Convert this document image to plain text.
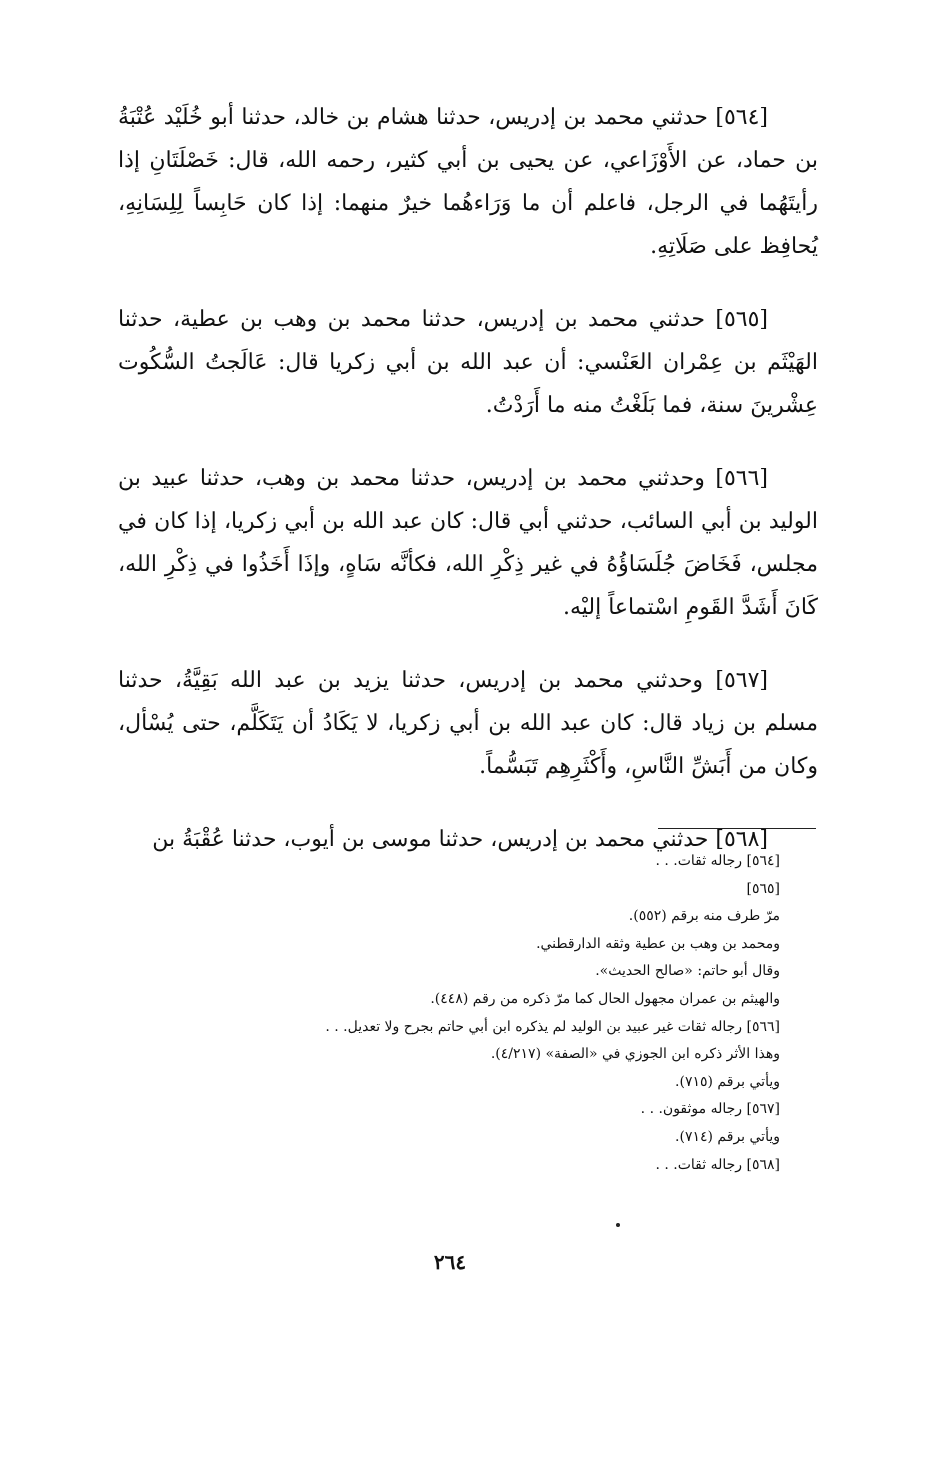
[٥٦٤] حدثني محمد بن إدريس، حدثنا هشام بن خالد، حدثنا أبو خُلَيْد عُتْبَةُ بن حماد، عن الأَوْزَاعي، عن يحيى بن أبي كثير، رحمه الله، قال: خَصْلَتَانِ إذا رأيتَهُما في الرجل، فاعلم أن ما وَرَاءهُما خيرٌ منهما: إذا كان حَابِساً لِلِسَانِهِ، يُحافِظ على صَلَاتِهِ.

[٥٦٥] حدثني محمد بن إدريس، حدثنا محمد بن وهب بن عطية، حدثنا الهَيْثَم بن عِمْران العَنْسي: أن عبد الله بن أبي زكريا قال: عَالَجتُ السُّكُوت عِشْرينَ سنة، فما بَلَغْتُ منه ما أَرَدْتُ.

[٥٦٦] وحدثني محمد بن إدريس، حدثنا محمد بن وهب، حدثنا عبيد بن الوليد بن أبي السائب، حدثني أبي قال: كان عبد الله بن أبي زكريا، إذا كان في مجلس، فَخَاضَ جُلَسَاؤُهُ في غير ذِكْرِ الله، فكأنَّه سَاهٍ، وإذَا أَخَذُوا في ذِكْرِ الله، كَانَ أَشَدَّ القَومِ اسْتماعاً إليْه.

[٥٦٧] وحدثني محمد بن إدريس، حدثنا يزيد بن عبد الله بَقِيَّةُ، حدثنا مسلم بن زياد قال: كان عبد الله بن أبي زكريا، لا يَكَادُ أن يَتَكَلَّم، حتى يُسْأل، وكان من أَبَشِّ النَّاسِ، وأَكْثَرِهِم تَبَسُّماً.

[٥٦٨] حدثني محمد بن إدريس، حدثنا موسى بن أيوب، حدثنا عُقْبَةُ بن

[٥٦٤] رجاله ثقات. . .
[٥٦٥]
مرّ طرف منه برقم (٥٥٢).
ومحمد بن وهب بن عطية وثقه الدارقطني.
وقال أبو حاتم: «صالح الحديث».
والهيثم بن عمران مجهول الحال كما مرّ ذكره من رقم (٤٤٨).
[٥٦٦] رجاله ثقات غير عبيد بن الوليد لم يذكره ابن أبي حاتم بجرح ولا تعديل. . .
وهذا الأثر ذكره ابن الجوزي في «الصفة» (٤/٢١٧).
ويأتي برقم (٧١٥).
[٥٦٧] رجاله موثقون. . .
ويأتي برقم (٧١٤).
[٥٦٨] رجاله ثقات. . .
٢٦٤
